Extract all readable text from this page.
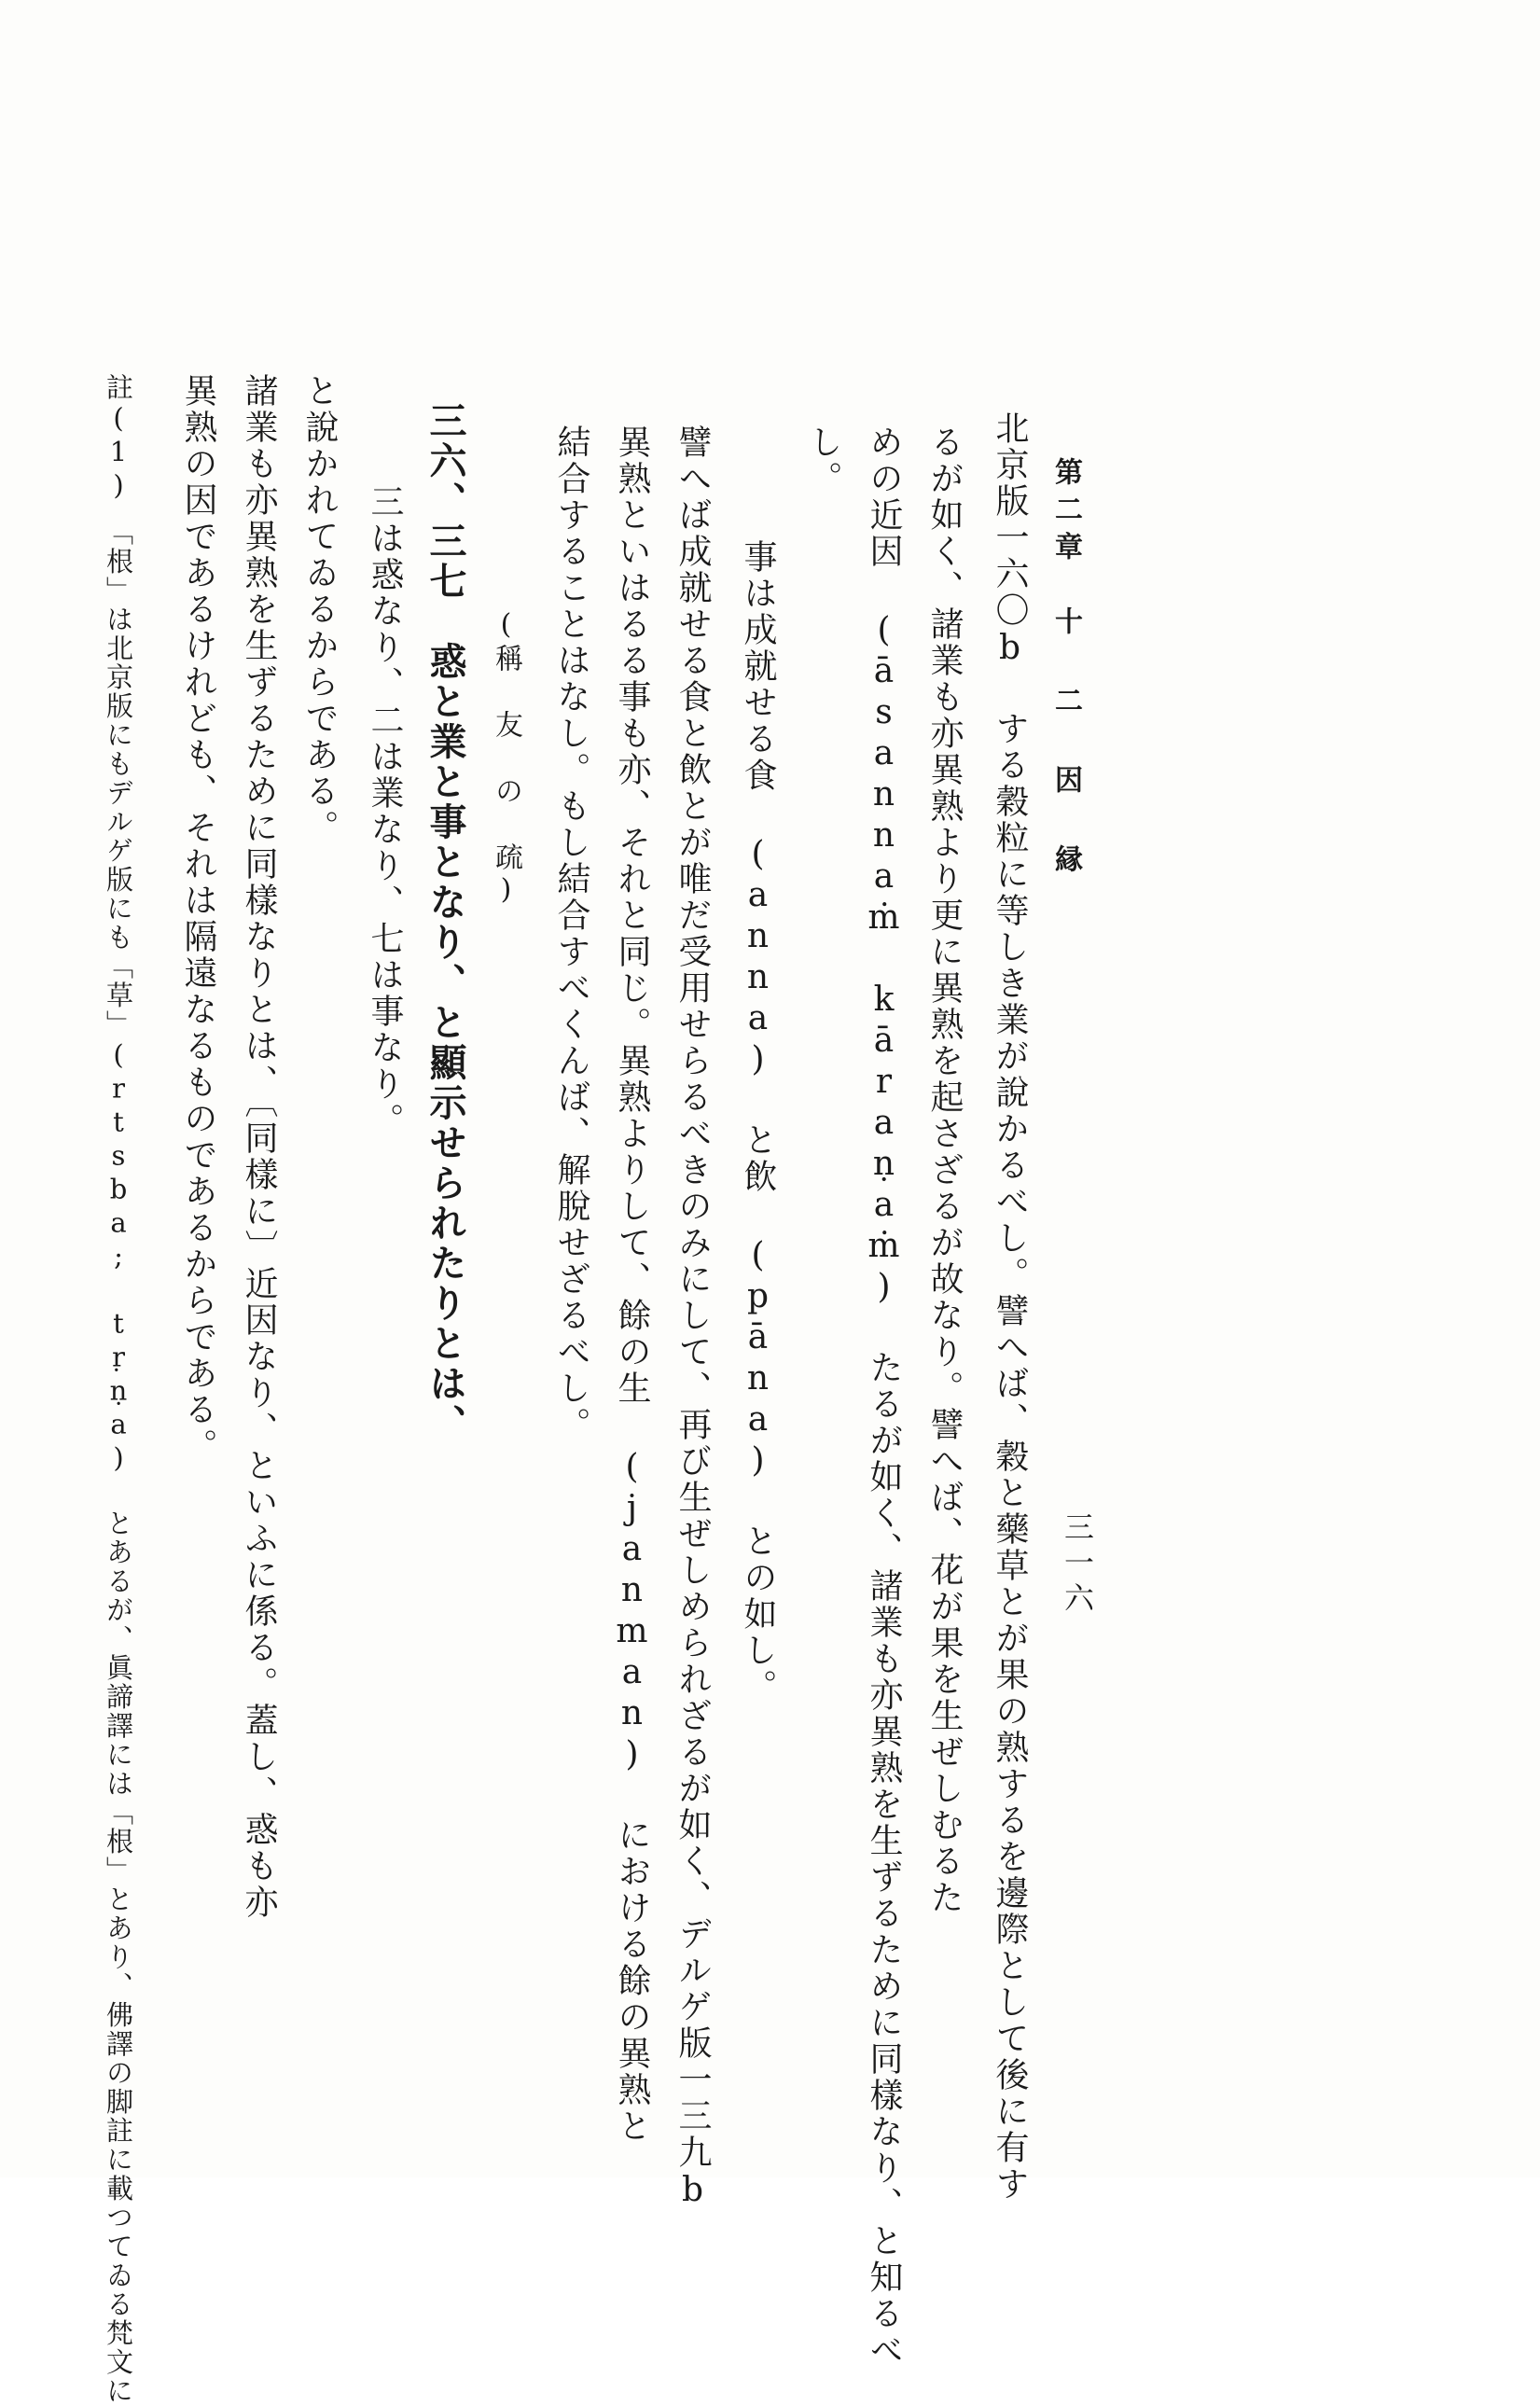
第二章　十 二 因 縁
三一六
北京版一六〇b する穀粒に等しき業が說かるべし。譬へば、穀と藥草とが果の熟するを邊際として後に有す
るが如く、諸業も亦異熟より更に異熟を起さざるが故なり。譬へば、花が果を生ぜしむるた
めの近因 (āsannaṁ kāraṇaṁ) たるが如く、諸業も亦異熟を生ずるために同樣なり、と知るべ
し。
　　事は成就せる食 (anna) と飲 (pāna) との如し。
譬へば成就せる食と飲とが唯だ受用せらるべきのみにして、再び生ぜしめられざるが如く、デルゲ版一三九b
異熟といはるる事も亦、それと同じ。異熟よりして、餘の生 (janman) における餘の異熟と
結合することはなし。もし結合すべくんば、解脫せざるべし。
　　　　(稱 友 の 疏)
三六、三七　惑と業と事となり、と顯示せられたりとは、
　三は惑なり、二は業なり、七は事なり。
と說かれてゐるからである。
諸業も亦異熟を生ずるために同樣なりとは、〔同樣に〕近因なり、といふに係る。蓋し、惑も亦
異熟の因であるけれども、それは隔遠なるものであるからである。
註(1)　「根」は北京版にもデルゲ版にも「草」(rtsba; tṛṇa) とあるが、眞諦譯には「根」とあり、佛譯の脚註に載つてゐる梵文に
